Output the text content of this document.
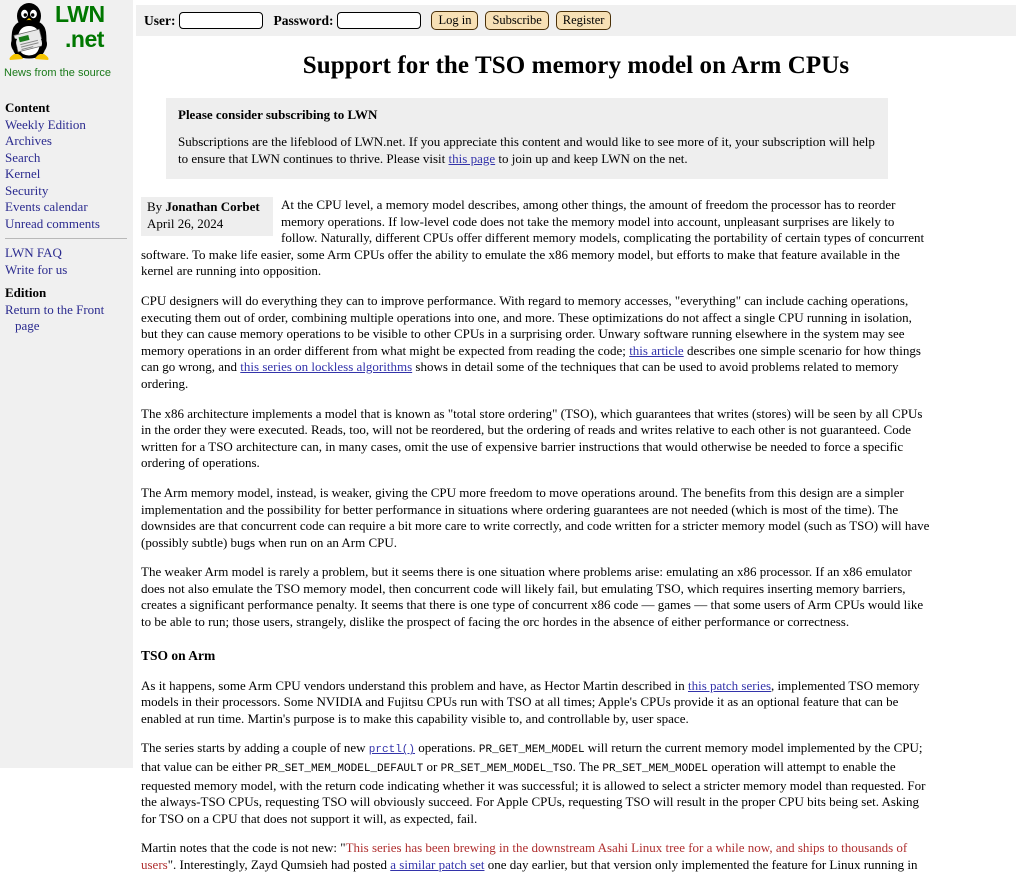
LWN
.net
News from the source
Content
Weekly Edition
Archives
Search
Kernel
Security
Events calendar
Unread comments
LWN FAQ
Write for us
Edition
Return to the Front
page
User:	Password:	Log in	Subscribe	Register
Support for the TSO memory model on Arm CPUs
Please consider subscribing to LWN
Subscriptions are the lifeblood of LWN.net. If you appreciate this content and would like to see more of it, your subscription will help to ensure that LWN continues to thrive. Please visit this page to join up and keep LWN on the net.
By Jonathan Corbet
April 26, 2024

At the CPU level, a memory model describes, among other things, the amount of freedom the processor has to reorder memory operations. If low-level code does not take the memory model into account, unpleasant surprises are likely to follow. Naturally, different CPUs offer different memory models, complicating the portability of certain types of concurrent software. To make life easier, some Arm CPUs offer the ability to emulate the x86 memory model, but efforts to make that feature available in the kernel are running into opposition.

CPU designers will do everything they can to improve performance. With regard to memory accesses, "everything" can include caching operations, executing them out of order, combining multiple operations into one, and more. These optimizations do not affect a single CPU running in isolation, but they can cause memory operations to be visible to other CPUs in a surprising order. Unwary software running elsewhere in the system may see memory operations in an order different from what might be expected from reading the code; this article describes one simple scenario for how things can go wrong, and this series on lockless algorithms shows in detail some of the techniques that can be used to avoid problems related to memory ordering.

The x86 architecture implements a model that is known as "total store ordering" (TSO), which guarantees that writes (stores) will be seen by all CPUs in the order they were executed. Reads, too, will not be reordered, but the ordering of reads and writes relative to each other is not guaranteed. Code written for a TSO architecture can, in many cases, omit the use of expensive barrier instructions that would otherwise be needed to force a specific ordering of operations.

The Arm memory model, instead, is weaker, giving the CPU more freedom to move operations around. The benefits from this design are a simpler implementation and the possibility for better performance in situations where ordering guarantees are not needed (which is most of the time). The downsides are that concurrent code can require a bit more care to write correctly, and code written for a stricter memory model (such as TSO) will have (possibly subtle) bugs when run on an Arm CPU.

The weaker Arm model is rarely a problem, but it seems there is one situation where problems arise: emulating an x86 processor. If an x86 emulator does not also emulate the TSO memory model, then concurrent code will likely fail, but emulating TSO, which requires inserting memory barriers, creates a significant performance penalty. It seems that there is one type of concurrent x86 code — games — that some users of Arm CPUs would like to be able to run; those users, strangely, dislike the prospect of facing the orc hordes in the absence of either performance or correctness.

TSO on Arm

As it happens, some Arm CPU vendors understand this problem and have, as Hector Martin described in this patch series, implemented TSO memory models in their processors. Some NVIDIA and Fujitsu CPUs run with TSO at all times; Apple's CPUs provide it as an optional feature that can be enabled at run time. Martin's purpose is to make this capability visible to, and controllable by, user space.

The series starts by adding a couple of new prctl() operations. PR_GET_MEM_MODEL will return the current memory model implemented by the CPU; that value can be either PR_SET_MEM_MODEL_DEFAULT or PR_SET_MEM_MODEL_TSO. The PR_SET_MEM_MODEL operation will attempt to enable the requested memory model, with the return code indicating whether it was successful; it is allowed to select a stricter memory model than requested. For the always-TSO CPUs, requesting TSO will obviously succeed. For Apple CPUs, requesting TSO will result in the proper CPU bits being set. Asking for TSO on a CPU that does not support it will, as expected, fail.

Martin notes that the code is not new: "This series has been brewing in the downstream Asahi Linux tree for a while now, and ships to thousands of users". Interestingly, Zayd Qumsieh had posted a similar patch set one day earlier, but that version only implemented the feature for Linux running in
